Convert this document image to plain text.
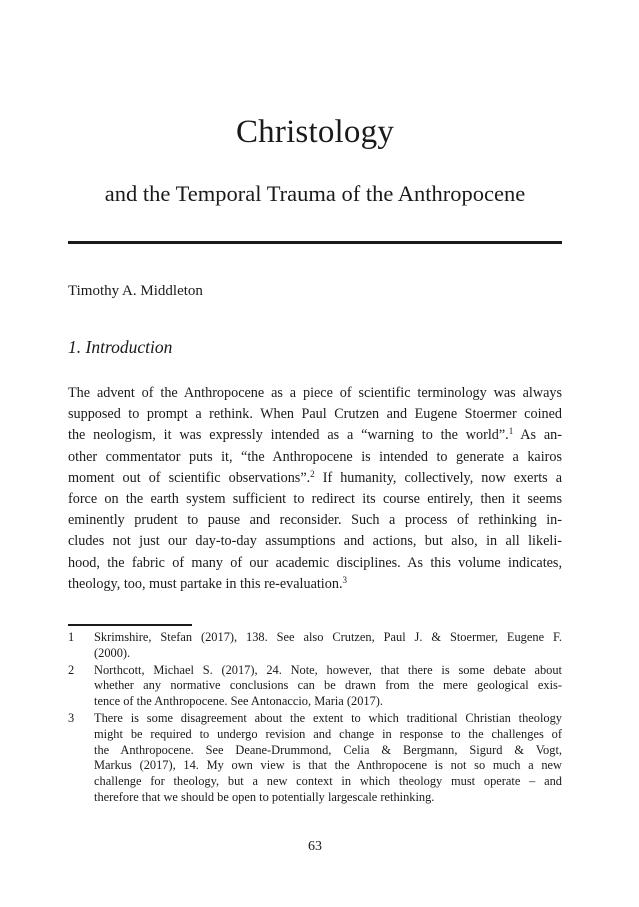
Christology
and the Temporal Trauma of the Anthropocene
Timothy A. Middleton
1. Introduction
The advent of the Anthropocene as a piece of scientific terminology was always
supposed to prompt a rethink. When Paul Crutzen and Eugene Stoermer coined
the neologism, it was expressly intended as a “warning to the world”.$^1$ As an-
other commentator puts it, “the Anthropocene is intended to generate a kairos
moment out of scientific observations”.$^2$ If humanity, collectively, now exerts a
force on the earth system sufficient to redirect its course entirely, then it seems
eminently prudent to pause and reconsider. Such a process of rethinking in-
cludes not just our day-to-day assumptions and actions, but also, in all likeli-
hood, the fabric of many of our academic disciplines. As this volume indicates,
theology, too, must partake in this re-evaluation.$^3$
1	Skrimshire, Stefan (2017), 138. See also Crutzen, Paul J. & Stoermer, Eugene F.
(2000).
2	Northcott, Michael S. (2017), 24. Note, however, that there is some debate about
whether any normative conclusions can be drawn from the mere geological exis-
tence of the Anthropocene. See Antonaccio, Maria (2017).
3	There is some disagreement about the extent to which traditional Christian theology
might be required to undergo revision and change in response to the challenges of
the Anthropocene. See Deane-Drummond, Celia & Bergmann, Sigurd & Vogt,
Markus (2017), 14. My own view is that the Anthropocene is not so much a new
challenge for theology, but a new context in which theology must operate – and
therefore that we should be open to potentially largescale rethinking.
63
